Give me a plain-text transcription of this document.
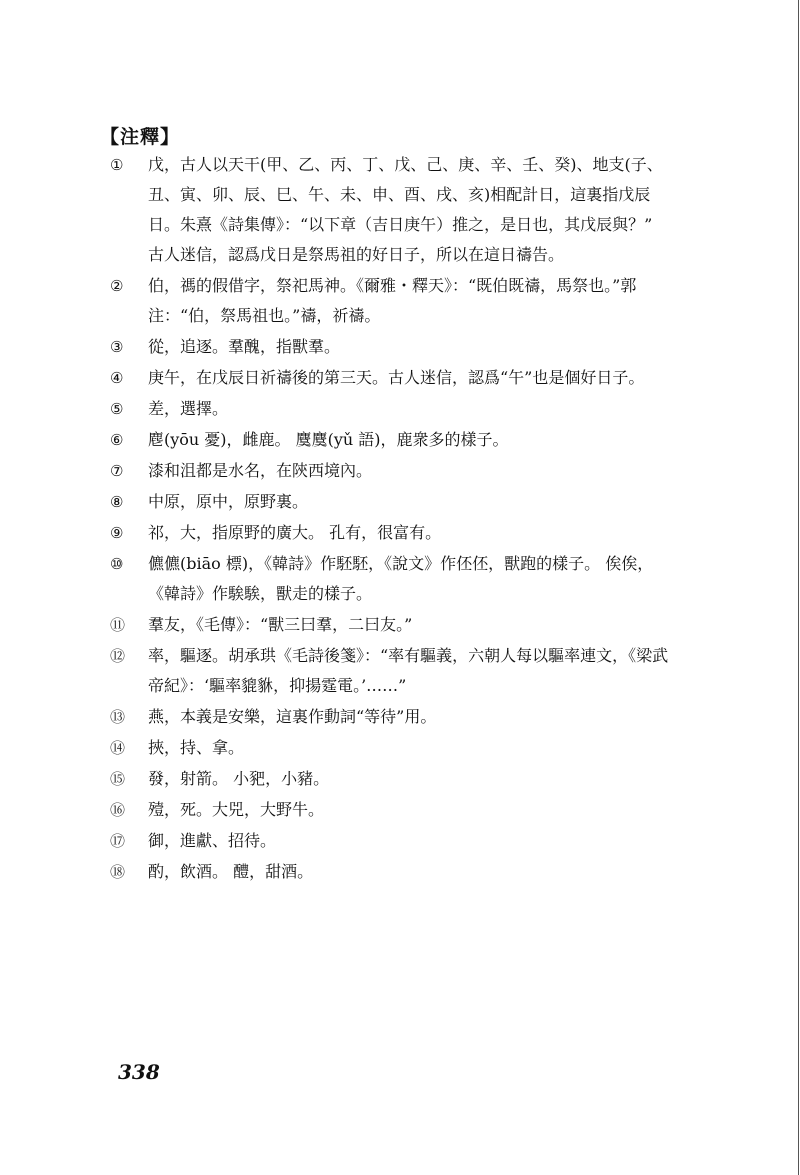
【注釋】
①	戊，古人以天干(甲、乙、丙、丁、戊、己、庚、辛、壬、癸)、地支(子、丑、寅、卯、辰、巳、午、未、申、酉、戌、亥)相配計日，這裏指戊辰日。朱熹《詩集傳》：“以下章（吉日庚午）推之，是日也，其戊辰與？” 古人迷信，認爲戊日是祭馬祖的好日子，所以在這日禱告。
②	伯，禡的假借字，祭祀馬神。《爾雅・釋天》：“既伯既禱，馬祭也。”郭注：“伯，祭馬祖也。”禱，祈禱。
③	從，追逐。羣醜，指獸羣。
④	庚午，在戊辰日祈禱後的第三天。古人迷信，認爲“午”也是個好日子。
⑤	差，選擇。
⑥	麀(yōu 憂)，雌鹿。 麌麌(yǔ 語)，鹿衆多的樣子。
⑦	漆和沮都是水名，在陝西境內。
⑧	中原，原中，原野裏。
⑨	祁，大，指原野的廣大。 孔有，很富有。
⑩	儦儦(biāo 標)，《韓詩》作駓駓，《說文》作伾伾，獸跑的樣子。 俟俟，《韓詩》作騃騃，獸走的樣子。
⑪	羣友，《毛傳》：“獸三曰羣，二曰友。”
⑫	率，驅逐。胡承珙《毛詩後箋》：“率有驅義，六朝人每以驅率連文，《梁武帝紀》：‘驅率貔貅，抑揚霆電。’……”
⑬	燕，本義是安樂，這裏作動詞“等待”用。
⑭	挾，持、拿。
⑮	發，射箭。 小豝，小豬。
⑯	殪，死。大兕，大野牛。
⑰	御，進獻、招待。
⑱	酌，飲酒。 醴，甜酒。
338
